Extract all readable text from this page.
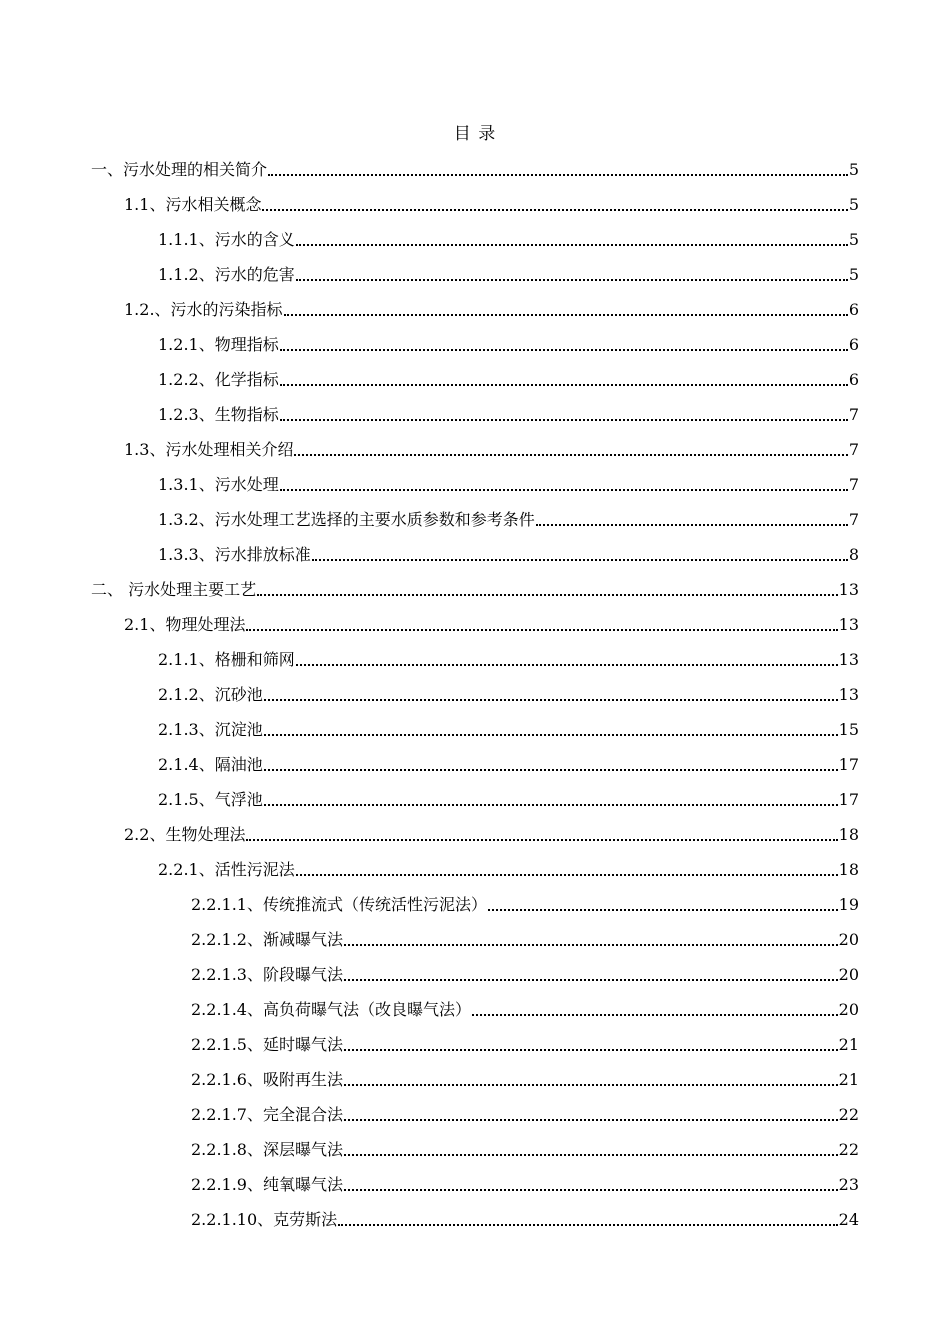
目 录
一、污水处理的相关简介	5
1.1、污水相关概念	5
1.1.1、污水的含义	5
1.1.2、污水的危害	5
1.2.、污水的污染指标	6
1.2.1、物理指标	6
1.2.2、化学指标	6
1.2.3、生物指标	7
1.3、污水处理相关介绍	7
1.3.1、污水处理	7
1.3.2、污水处理工艺选择的主要水质参数和参考条件	7
1.3.3、污水排放标准	8
二、 污水处理主要工艺	13
2.1、物理处理法	13
2.1.1、格栅和筛网	13
2.1.2、沉砂池	13
2.1.3、沉淀池	15
2.1.4、隔油池	17
2.1.5、气浮池	17
2.2、生物处理法	18
2.2.1、活性污泥法	18
2.2.1.1、传统推流式（传统活性污泥法）	19
2.2.1.2、渐减曝气法	20
2.2.1.3、阶段曝气法	20
2.2.1.4、高负荷曝气法（改良曝气法）	20
2.2.1.5、延时曝气法	21
2.2.1.6、吸附再生法	21
2.2.1.7、完全混合法	22
2.2.1.8、深层曝气法	22
2.2.1.9、纯氧曝气法	23
2.2.1.10、克劳斯法	24
